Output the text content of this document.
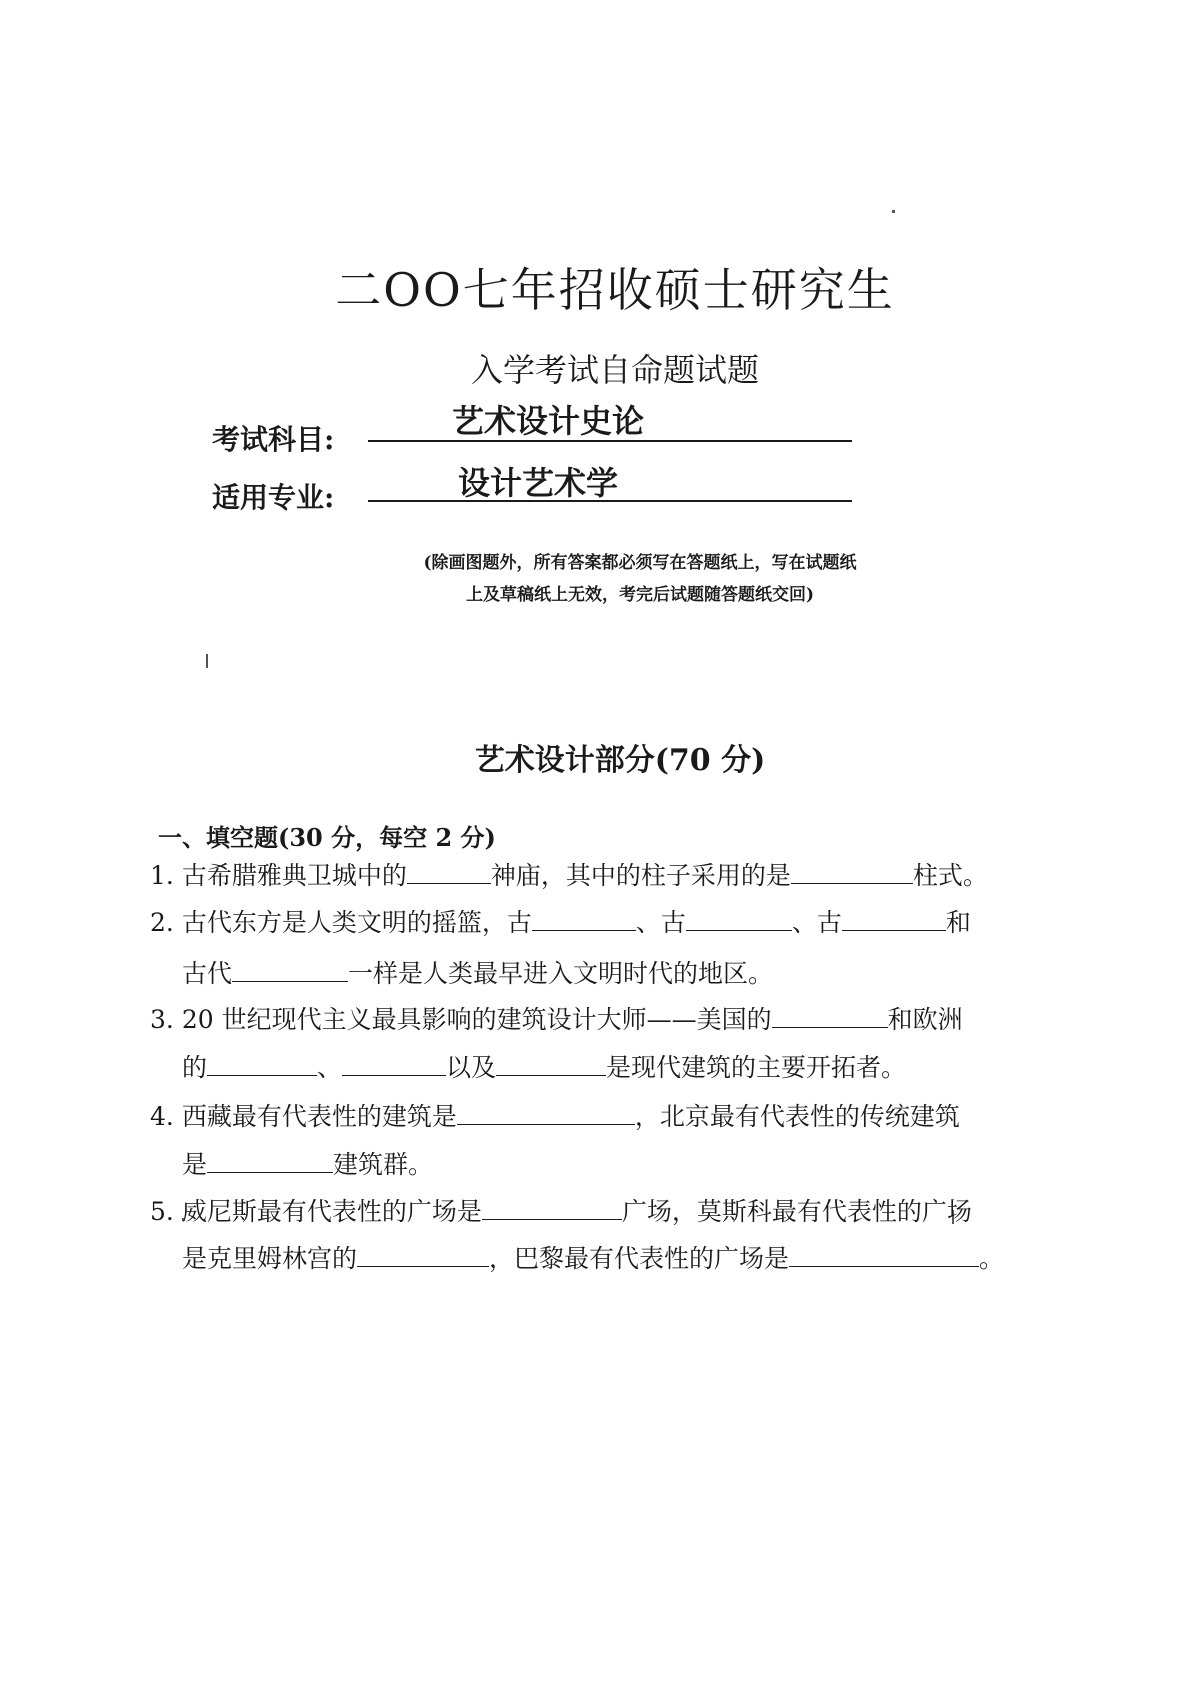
二OO七年招收硕士研究生
入学考试自命题试题
考试科目:	艺术设计史论
适用专业:	设计艺术学
(除画图题外，所有答案都必须写在答题纸上，写在试题纸
上及草稿纸上无效，考完后试题随答题纸交回)
艺术设计部分(70 分)
一、填空题(30 分，每空 2 分)
1. 古希腊雅典卫城中的	神庙，其中的柱子采用的是	柱式。
2. 古代东方是人类文明的摇篮，古	、古	、古	和
古代	一样是人类最早进入文明时代的地区。
3. 20 世纪现代主义最具影响的建筑设计大师——美国的	和欧洲
的	、	以及	是现代建筑的主要开拓者。
4. 西藏最有代表性的建筑是	，北京最有代表性的传统建筑
是	建筑群。
5. 威尼斯最有代表性的广场是	广场，莫斯科最有代表性的广场
是克里姆林宫的	，巴黎最有代表性的广场是	。
